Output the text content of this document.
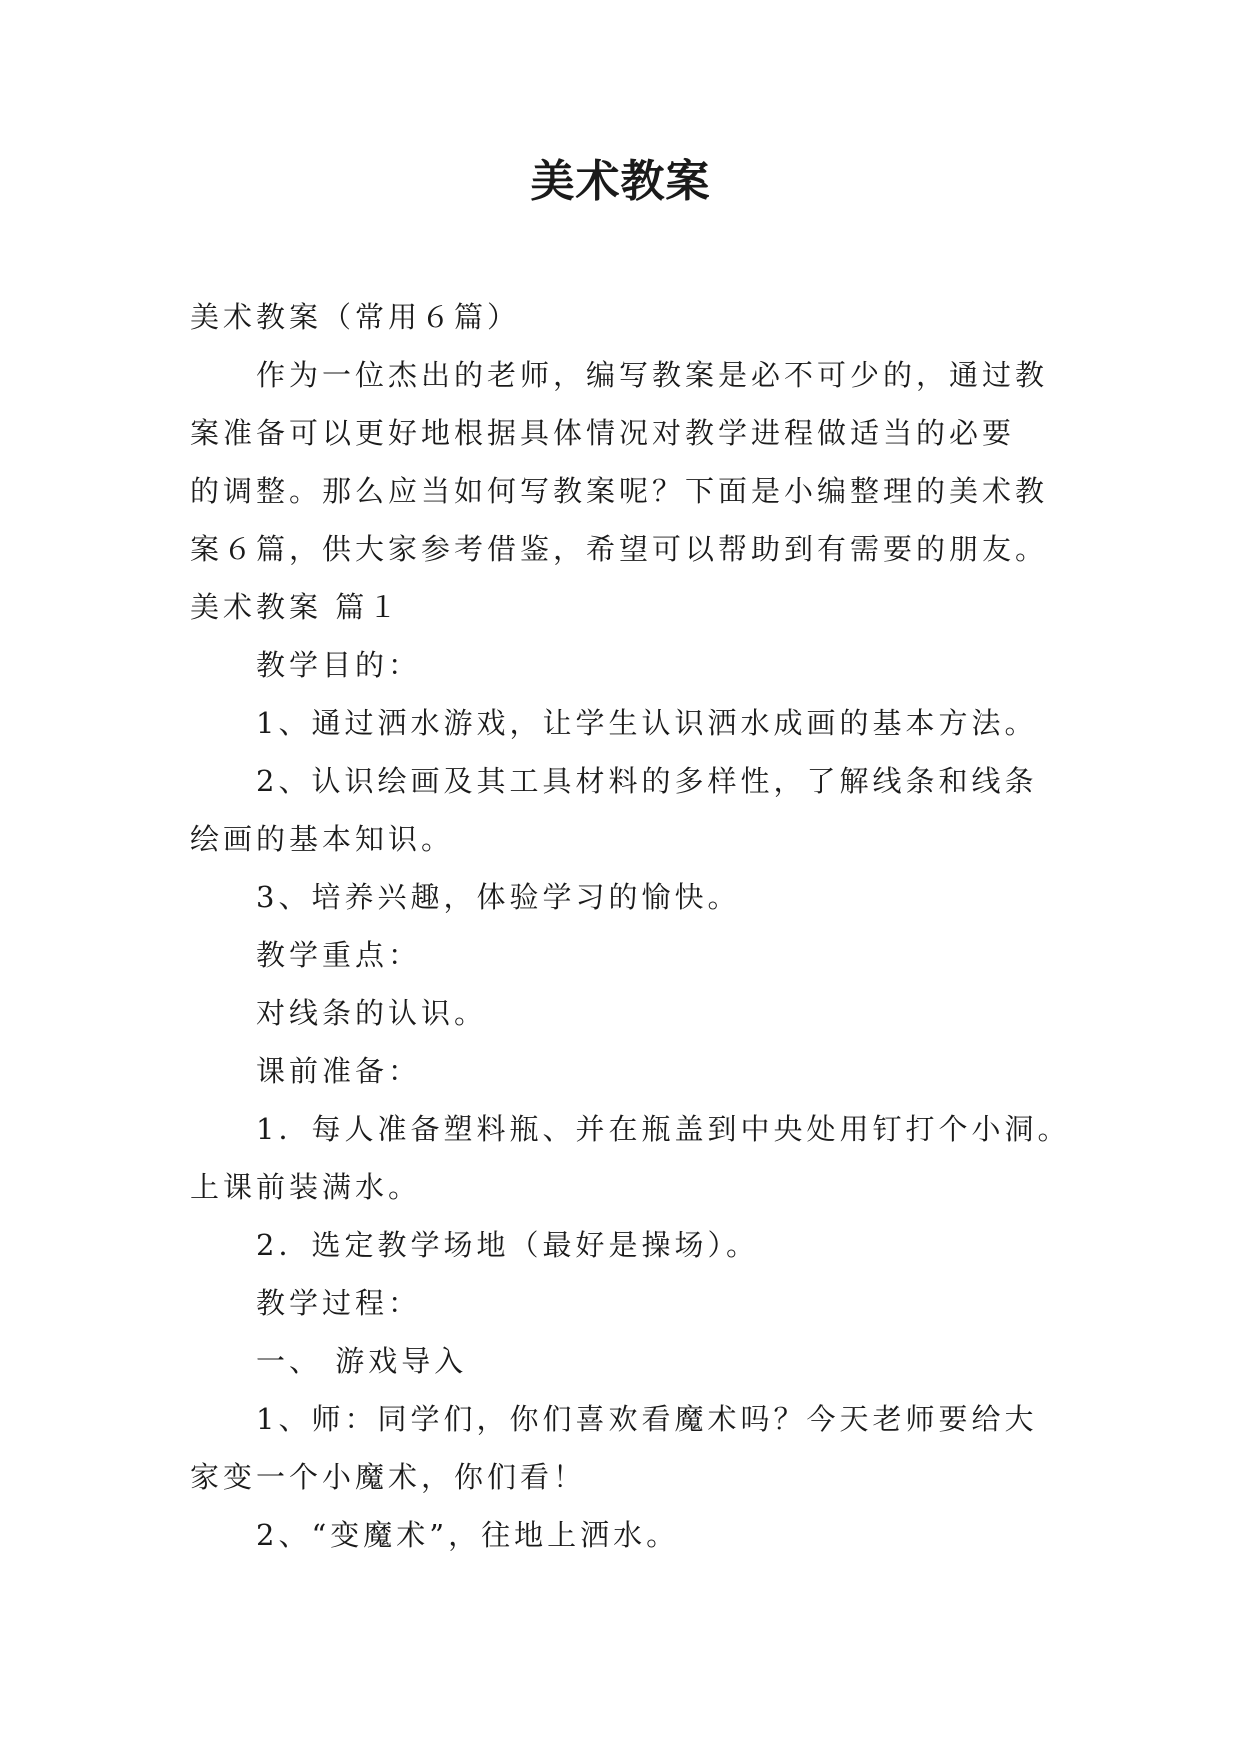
美术教案

美术教案（常用６篇）

作为一位杰出的老师，编写教案是必不可少的，通过教

案准备可以更好地根据具体情况对教学进程做适当的必要

的调整。那么应当如何写教案呢？下面是小编整理的美术教

案６篇，供大家参考借鉴，希望可以帮助到有需要的朋友。

美术教案 篇１

教学目的：

1、通过洒水游戏，让学生认识洒水成画的基本方法。

2、认识绘画及其工具材料的多样性，了解线条和线条

绘画的基本知识。

3、培养兴趣，体验学习的愉快。

教学重点：

对线条的认识。

课前准备：

1．每人准备塑料瓶、并在瓶盖到中央处用钉打个小洞。

上课前装满水。

2．选定教学场地（最好是操场）。

教学过程：

一、 游戏导入

1、师：同学们，你们喜欢看魔术吗？今天老师要给大

家变一个小魔术，你们看！

2、“变魔术”，往地上洒水。
